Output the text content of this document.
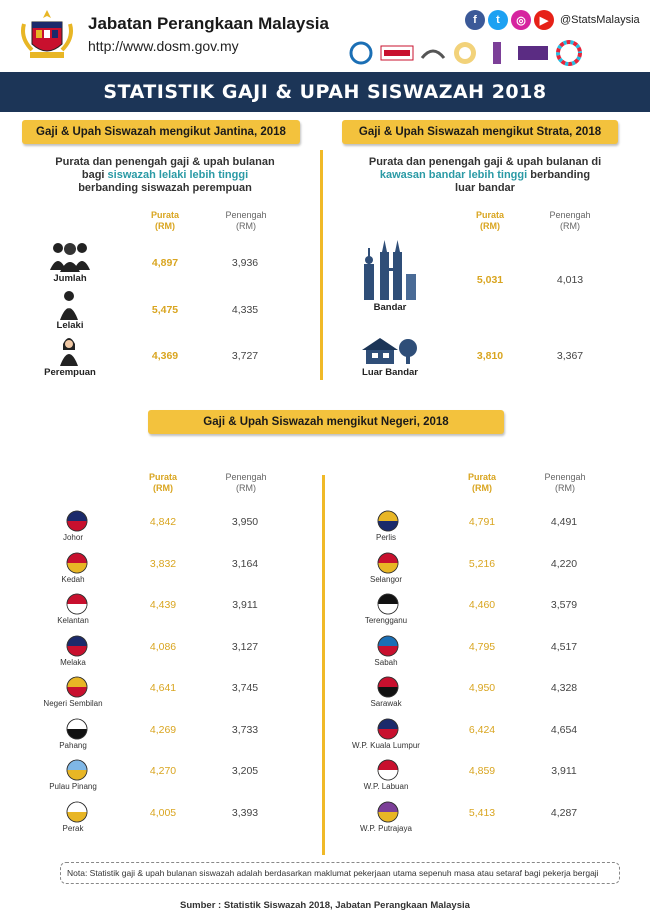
Jabatan Perangkaan Malaysia
http://www.dosm.gov.my
f	t	◎	▶	@StatsMalaysia
STATISTIK GAJI & UPAH SISWAZAH 2018
Gaji & Upah Siswazah mengikut Jantina, 2018
Purata dan penengah gaji & upah bulanan
bagi siswazah lelaki lebih tinggi
berbanding siswazah perempuan
Purata
(RM)
Penengah
(RM)
Jumlah
4,897	3,936
Lelaki
5,475	4,335
Perempuan
4,369	3,727
Gaji & Upah Siswazah mengikut Strata, 2018
Purata dan penengah gaji & upah bulanan di
kawasan bandar lebih tinggi berbanding
luar bandar
Purata
(RM)
Penengah
(RM)
Bandar
5,031	4,013
Luar Bandar
3,810	3,367
Gaji & Upah Siswazah mengikut Negeri, 2018
Purata
(RM)
Penengah
(RM)
Purata
(RM)
Penengah
(RM)
Johor
4,842	3,950
Kedah
3,832	3,164
Kelantan
4,439	3,911
Melaka
4,086	3,127
Negeri Sembilan
4,641	3,745
Pahang
4,269	3,733
Pulau Pinang
4,270	3,205
Perak
4,005	3,393
Perlis
4,791	4,491
Selangor
5,216	4,220
Terengganu
4,460	3,579
Sabah
4,795	4,517
Sarawak
4,950	4,328
W.P. Kuala Lumpur
6,424	4,654
W.P. Labuan
4,859	3,911
W.P. Putrajaya
5,413	4,287
Nota: Statistik gaji & upah bulanan siswazah adalah berdasarkan maklumat pekerjaan utama sepenuh masa atau setaraf bagi pekerja bergaji
Sumber : Statistik Siswazah 2018, Jabatan Perangkaan Malaysia
